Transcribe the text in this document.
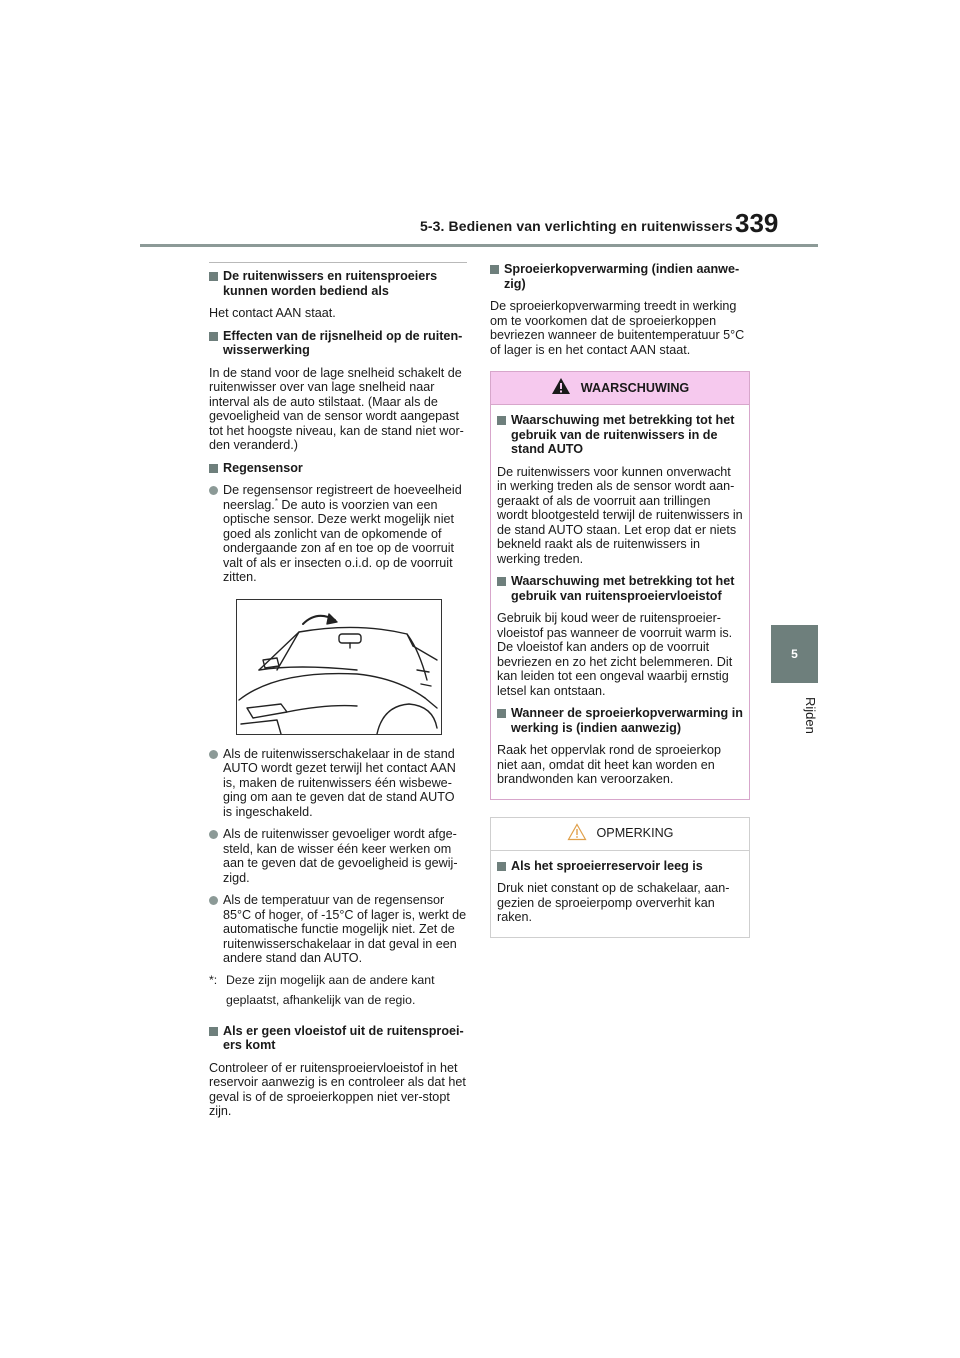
5-3. Bedienen van verlichting en ruitenwissers 339
5
Rijden
De ruitenwissers en ruitensproeiers kunnen worden bediend als
Het contact AAN staat.
Effecten van de rijsnelheid op de ruiten-wisserwerking
In de stand voor de lage snelheid schakelt de ruitenwisser over van lage snelheid naar interval als de auto stilstaat. (Maar als de gevoeligheid van de sensor wordt aangepast tot het hoogste niveau, kan de stand niet wor-den veranderd.)
Regensensor
De regensensor registreert de hoeveelheid neerslag.* De auto is voorzien van een optische sensor. Deze werkt mogelijk niet goed als zonlicht van de opkomende of ondergaande zon af en toe op de voorruit valt of als er insecten o.i.d. op de voorruit zitten.
Als de ruitenwisserschakelaar in de stand AUTO wordt gezet terwijl het contact AAN is, maken de ruitenwissers één wisbewe-ging om aan te geven dat de stand AUTO is ingeschakeld.
Als de ruitenwisser gevoeliger wordt afge-steld, kan de wisser één keer werken om aan te geven dat de gevoeligheid is gewij-zigd.
Als de temperatuur van de regensensor 85°C of hoger, of -15°C of lager is, werkt de automatische functie mogelijk niet. Zet de ruitenwisserschakelaar in dat geval in een andere stand dan AUTO.
*: Deze zijn mogelijk aan de andere kant geplaatst, afhankelijk van de regio.
Als er geen vloeistof uit de ruitensproei-ers komt
Controleer of er ruitensproeiervloeistof in het reservoir aanwezig is en controleer als dat het geval is of de sproeierkoppen niet ver-stopt zijn.
Sproeierkopverwarming (indien aanwe-zig)
De sproeierkopverwarming treedt in werking om te voorkomen dat de sproeierkoppen bevriezen wanneer de buitentemperatuur 5°C of lager is en het contact AAN staat.
WAARSCHUWING
Waarschuwing met betrekking tot het gebruik van de ruitenwissers in de stand AUTO
De ruitenwissers voor kunnen onverwacht in werking treden als de sensor wordt aan-geraakt of als de voorruit aan trillingen wordt blootgesteld terwijl de ruitenwissers in de stand AUTO staan. Let erop dat er niets bekneld raakt als de ruitenwissers in werking treden.
Waarschuwing met betrekking tot het gebruik van ruitensproeiervloeistof
Gebruik bij koud weer de ruitensproeier-vloeistof pas wanneer de voorruit warm is. De vloeistof kan anders op de voorruit bevriezen en zo het zicht belemmeren. Dit kan leiden tot een ongeval waarbij ernstig letsel kan ontstaan.
Wanneer de sproeierkopverwarming in werking is (indien aanwezig)
Raak het oppervlak rond de sproeierkop niet aan, omdat dit heet kan worden en brandwonden kan veroorzaken.
OPMERKING
Als het sproeierreservoir leeg is
Druk niet constant op de schakelaar, aan-gezien de sproeierpomp oververhit kan raken.
